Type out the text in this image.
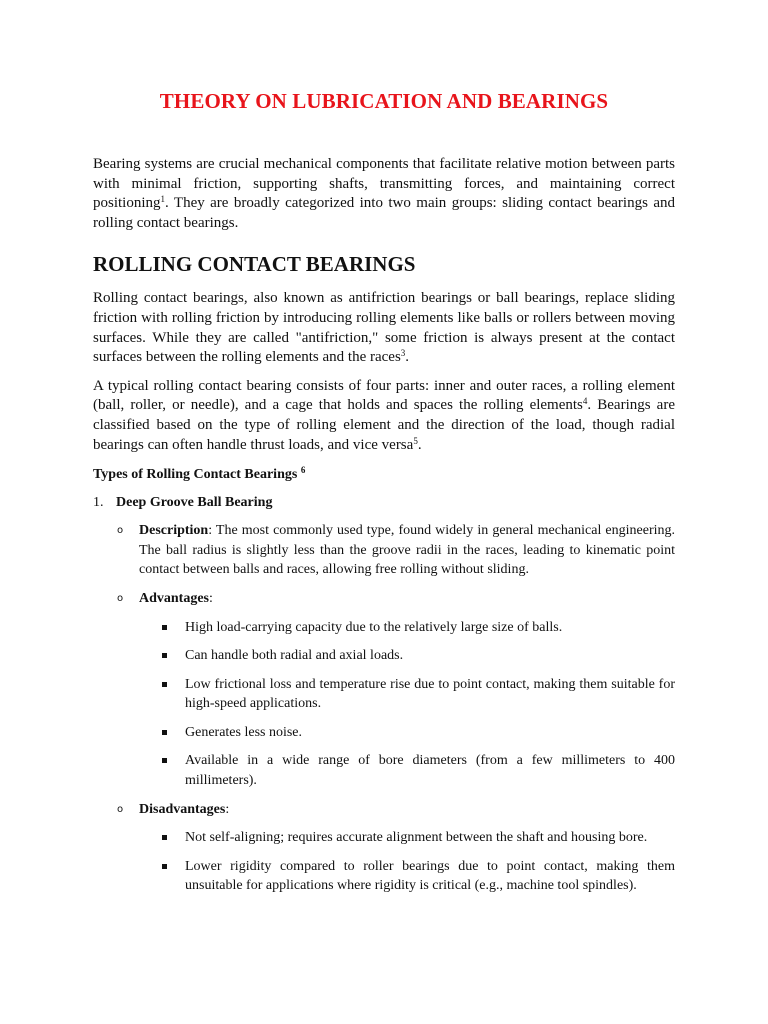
THEORY ON LUBRICATION AND BEARINGS

Bearing systems are crucial mechanical components that facilitate relative motion between parts with minimal friction, supporting shafts, transmitting forces, and maintaining correct positioning$^1$. They are broadly categorized into two main groups: sliding contact bearings and rolling contact bearings.

ROLLING CONTACT BEARINGS

Rolling contact bearings, also known as antifriction bearings or ball bearings, replace sliding friction with rolling friction by introducing rolling elements like balls or rollers between moving surfaces. While they are called "antifriction," some friction is always present at the contact surfaces between the rolling elements and the races$^3$.

A typical rolling contact bearing consists of four parts: inner and outer races, a rolling element (ball, roller, or needle), and a cage that holds and spaces the rolling elements$^4$. Bearings are classified based on the type of rolling element and the direction of the load, though radial bearings can often handle thrust loads, and vice versa$^5$.

Types of Rolling Contact Bearings $^6$
1. Deep Groove Ball Bearing
o Description: The most commonly used type, found widely in general mechanical engineering. The ball radius is slightly less than the groove radii in the races, leading to kinematic point contact between balls and races, allowing free rolling without sliding.
o Advantages:
High load-carrying capacity due to the relatively large size of balls.
Can handle both radial and axial loads.
Low frictional loss and temperature rise due to point contact, making them suitable for high-speed applications.
Generates less noise.
Available in a wide range of bore diameters (from a few millimeters to 400 millimeters).
o Disadvantages:
Not self-aligning; requires accurate alignment between the shaft and housing bore.
Lower rigidity compared to roller bearings due to point contact, making them unsuitable for applications where rigidity is critical (e.g., machine tool spindles).
